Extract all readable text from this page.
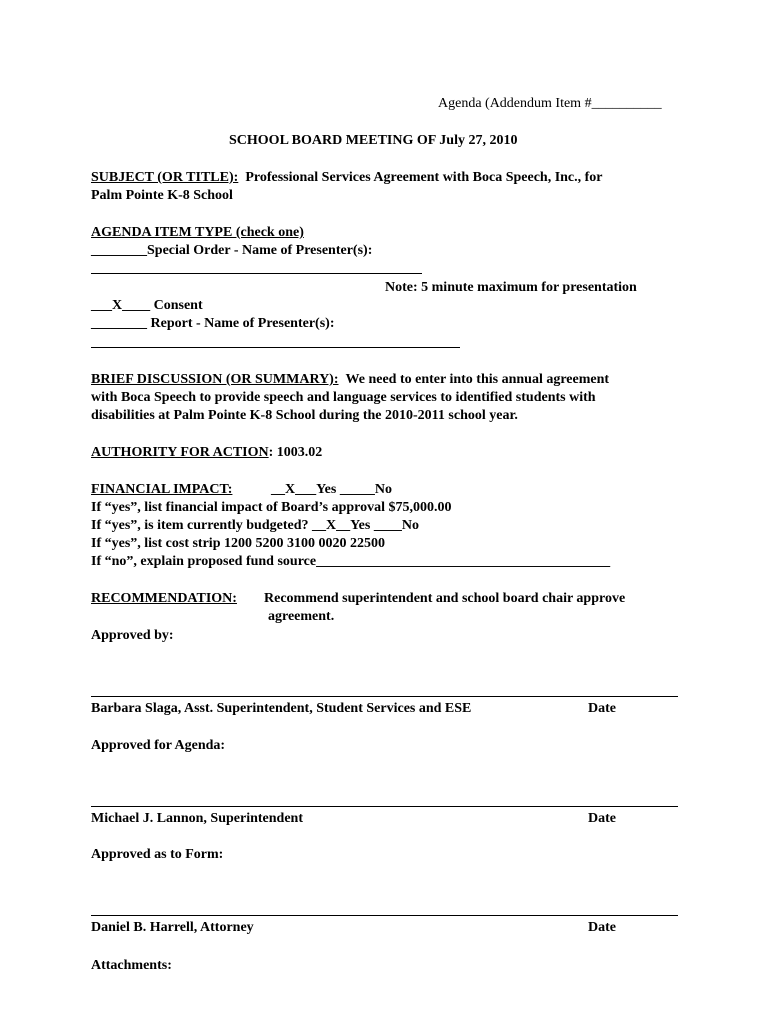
Agenda (Addendum Item #__________
SCHOOL BOARD MEETING OF July 27, 2010
SUBJECT (OR TITLE): Professional Services Agreement with Boca Speech, Inc., for
Palm Pointe K-8 School
AGENDA ITEM TYPE (check one)
________Special Order - Name of Presenter(s):
Note: 5 minute maximum for presentation
___X____ Consent
________ Report - Name of Presenter(s):
BRIEF DISCUSSION (OR SUMMARY): We need to enter into this annual agreement
with Boca Speech to provide speech and language services to identified students with
disabilities at Palm Pointe K-8 School during the 2010-2011 school year.
AUTHORITY FOR ACTION: 1003.02
FINANCIAL IMPACT:	__X___Yes _____No
If “yes”, list financial impact of Board’s approval $75,000.00
If “yes”, is item currently budgeted? __X__Yes ____No
If “yes”, list cost strip 1200 5200 3100 0020 22500
If “no”, explain proposed fund source__________________________________________
RECOMMENDATION: Recommend superintendent and school board chair approve
agreement.
Approved by:
Barbara Slaga, Asst. Superintendent, Student Services and ESE	Date
Approved for Agenda:
Michael J. Lannon, Superintendent	Date
Approved as to Form:
Daniel B. Harrell, Attorney	Date
Attachments:
